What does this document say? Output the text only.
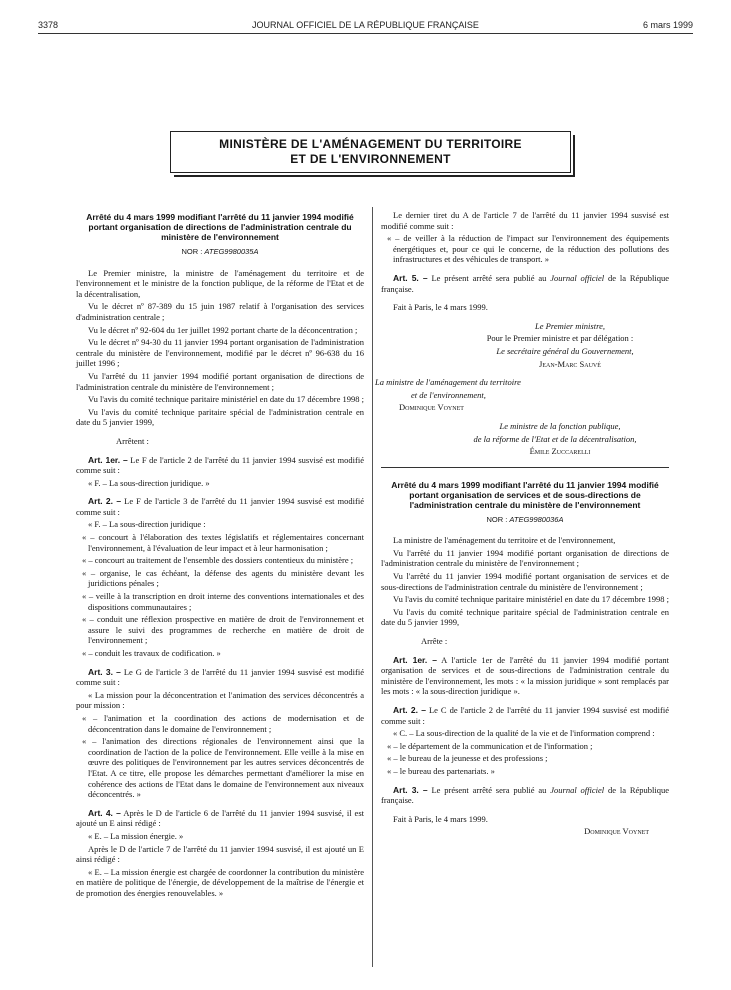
3378	JOURNAL OFFICIEL DE LA RÉPUBLIQUE FRANÇAISE	6 mars 1999
MINISTÈRE DE L'AMÉNAGEMENT DU TERRITOIRE
ET DE L'ENVIRONNEMENT

Arrêté du 4 mars 1999 modifiant l'arrêté du 11 janvier 1994 modifié portant organisation de directions de l'administration centrale du ministère de l'environnement

NOR : ATEG9980035A

Le Premier ministre, la ministre de l'aménagement du territoire et de l'environnement et le ministre de la fonction publique, de la réforme de l'Etat et de la décentralisation,

Vu le décret nº 87-389 du 15 juin 1987 relatif à l'organisation des services d'administration centrale ;

Vu le décret nº 92-604 du 1er juillet 1992 portant charte de la déconcentration ;

Vu le décret nº 94-30 du 11 janvier 1994 portant organisation de l'administration centrale du ministère de l'environnement, modifié par le décret nº 96-638 du 16 juillet 1996 ;

Vu l'arrêté du 11 janvier 1994 modifié portant organisation de directions de l'administration centrale du ministère de l'environnement ;

Vu l'avis du comité technique paritaire ministériel en date du 17 décembre 1998 ;

Vu l'avis du comité technique paritaire spécial de l'administration centrale en date du 5 janvier 1999,

Arrêtent :

Art. 1er. – Le F de l'article 2 de l'arrêté du 11 janvier 1994 susvisé est modifié comme suit :

« F. – La sous-direction juridique. »

Art. 2. – Le F de l'article 3 de l'arrêté du 11 janvier 1994 susvisé est modifié comme suit :

« F. – La sous-direction juridique :

« – concourt à l'élaboration des textes législatifs et réglementaires concernant l'environnement, à l'évaluation de leur impact et à leur harmonisation ;

« – concourt au traitement de l'ensemble des dossiers contentieux du ministère ;

« – organise, le cas échéant, la défense des agents du ministère devant les juridictions pénales ;

« – veille à la transcription en droit interne des conventions internationales et des dispositions communautaires ;

« – conduit une réflexion prospective en matière de droit de l'environnement et assure le suivi des programmes de recherche en matière de droit de l'environnement ;

« – conduit les travaux de codification. »

Art. 3. – Le G de l'article 3 de l'arrêté du 11 janvier 1994 susvisé est modifié comme suit :

« La mission pour la déconcentration et l'animation des services déconcentrés a pour mission :

« – l'animation et la coordination des actions de modernisation et de déconcentration dans le domaine de l'environnement ;

« – l'animation des directions régionales de l'environnement ainsi que la coordination de l'action de la police de l'environnement. Elle veille à la mise en œuvre des politiques de l'environnement par les autres services déconcentrés de l'Etat. A ce titre, elle propose les démarches permettant d'améliorer la mise en cohérence des actions de l'Etat dans le domaine de l'environnement aux niveaux déconcentrés. »

Art. 4. – Après le D de l'article 6 de l'arrêté du 11 janvier 1994 susvisé, il est ajouté un E ainsi rédigé :

« E. – La mission énergie. »

Après le D de l'article 7 de l'arrêté du 11 janvier 1994 susvisé, il est ajouté un E ainsi rédigé :

« E. – La mission énergie est chargée de coordonner la contribution du ministère en matière de politique de l'énergie, de développement de la maîtrise de l'énergie et de promotion des énergies renouvelables. »

Le dernier tiret du A de l'article 7 de l'arrêté du 11 janvier 1994 susvisé est modifié comme suit :

« – de veiller à la réduction de l'impact sur l'environnement des équipements énergétiques et, pour ce qui le concerne, de la réduction des pollutions des infrastructures et des véhicules de transport. »

Art. 5. – Le présent arrêté sera publié au Journal officiel de la République française.

Fait à Paris, le 4 mars 1999.

Le Premier ministre,

Pour le Premier ministre et par délégation :

Le secrétaire général du Gouvernement,

Jean-Marc Sauvé

La ministre de l'aménagement du territoire

et de l'environnement,

Dominique Voynet

Le ministre de la fonction publique,

de la réforme de l'Etat et de la décentralisation,

Émile Zuccarelli

Arrêté du 4 mars 1999 modifiant l'arrêté du 11 janvier 1994 modifié portant organisation de services et de sous-directions de l'administration centrale du ministère de l'environnement

NOR : ATEG9980036A

La ministre de l'aménagement du territoire et de l'environnement,

Vu l'arrêté du 11 janvier 1994 modifié portant organisation de directions de l'administration centrale du ministère de l'environnement ;

Vu l'arrêté du 11 janvier 1994 modifié portant organisation de services et de sous-directions de l'administration centrale du ministère de l'environnement ;

Vu l'avis du comité technique paritaire ministériel en date du 17 décembre 1998 ;

Vu l'avis du comité technique paritaire spécial de l'administration centrale en date du 5 janvier 1999,

Arrête :

Art. 1er. – A l'article 1er de l'arrêté du 11 janvier 1994 modifié portant organisation de services et de sous-directions de l'administration centrale du ministère de l'environnement, les mots : « la mission juridique » sont remplacés par les mots : « la sous-direction juridique ».

Art. 2. – Le C de l'article 2 de l'arrêté du 11 janvier 1994 susvisé est modifié comme suit :

« C. – La sous-direction de la qualité de la vie et de l'information comprend :

« – le département de la communication et de l'information ;

« – le bureau de la jeunesse et des professions ;

« – le bureau des partenariats. »

Art. 3. – Le présent arrêté sera publié au Journal officiel de la République française.

Fait à Paris, le 4 mars 1999.

Dominique Voynet
